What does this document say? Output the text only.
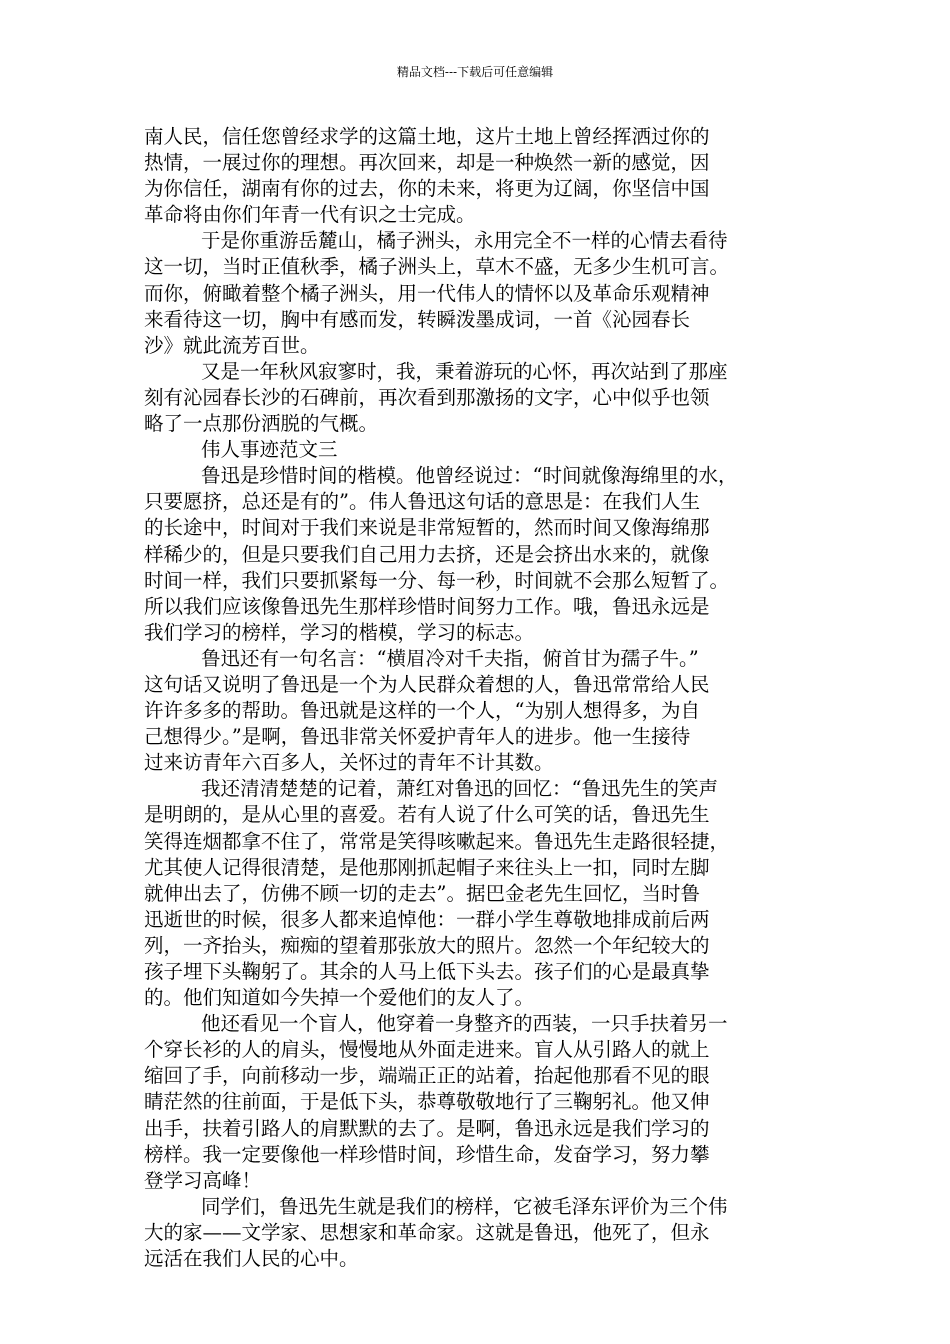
精品文档---下载后可任意编辑
南人民，信任您曾经求学的这篇土地，这片土地上曾经挥洒过你的
热情，一展过你的理想。再次回来，却是一种焕然一新的感觉，因
为你信任，湖南有你的过去，你的未来，将更为辽阔，你坚信中国
革命将由你们年青一代有识之士完成。
于是你重游岳麓山，橘子洲头，永用完全不一样的心情去看待
这一切，当时正值秋季，橘子洲头上，草木不盛，无多少生机可言。
而你，俯瞰着整个橘子洲头，用一代伟人的情怀以及革命乐观精神
来看待这一切，胸中有感而发，转瞬泼墨成词，一首《沁园春长
沙》就此流芳百世。
又是一年秋风寂寥时，我，秉着游玩的心怀，再次站到了那座
刻有沁园春长沙的石碑前，再次看到那激扬的文字，心中似乎也领
略了一点那份洒脱的气概。
伟人事迹范文三
鲁迅是珍惜时间的楷模。他曾经说过：“时间就像海绵里的水，
只要愿挤，总还是有的”。伟人鲁迅这句话的意思是：在我们人生
的长途中，时间对于我们来说是非常短暂的，然而时间又像海绵那
样稀少的，但是只要我们自己用力去挤，还是会挤出水来的，就像
时间一样，我们只要抓紧每一分、每一秒，时间就不会那么短暂了。
所以我们应该像鲁迅先生那样珍惜时间努力工作。哦，鲁迅永远是
我们学习的榜样，学习的楷模，学习的标志。
鲁迅还有一句名言：“横眉冷对千夫指，俯首甘为孺子牛。”
这句话又说明了鲁迅是一个为人民群众着想的人，鲁迅常常给人民
许许多多的帮助。鲁迅就是这样的一个人，“为别人想得多，为自
己想得少。”是啊，鲁迅非常关怀爱护青年人的进步。他一生接待
过来访青年六百多人，关怀过的青年不计其数。
我还清清楚楚的记着，萧红对鲁迅的回忆：“鲁迅先生的笑声
是明朗的，是从心里的喜爱。若有人说了什么可笑的话，鲁迅先生
笑得连烟都拿不住了，常常是笑得咳嗽起来。鲁迅先生走路很轻捷，
尤其使人记得很清楚，是他那刚抓起帽子来往头上一扣，同时左脚
就伸出去了，仿佛不顾一切的走去”。据巴金老先生回忆，当时鲁
迅逝世的时候，很多人都来追悼他：一群小学生尊敬地排成前后两
列，一齐抬头，痴痴的望着那张放大的照片。忽然一个年纪较大的
孩子埋下头鞠躬了。其余的人马上低下头去。孩子们的心是最真挚
的。他们知道如今失掉一个爱他们的友人了。
他还看见一个盲人，他穿着一身整齐的西装，一只手扶着另一
个穿长衫的人的肩头，慢慢地从外面走进来。盲人从引路人的就上
缩回了手，向前移动一步，端端正正的站着，抬起他那看不见的眼
睛茫然的往前面，于是低下头，恭尊敬敬地行了三鞠躬礼。他又伸
出手，扶着引路人的肩默默的去了。是啊，鲁迅永远是我们学习的
榜样。我一定要像他一样珍惜时间，珍惜生命，发奋学习，努力攀
登学习高峰！
同学们，鲁迅先生就是我们的榜样，它被毛泽东评价为三个伟
大的家——文学家、思想家和革命家。这就是鲁迅，他死了，但永
远活在我们人民的心中。
